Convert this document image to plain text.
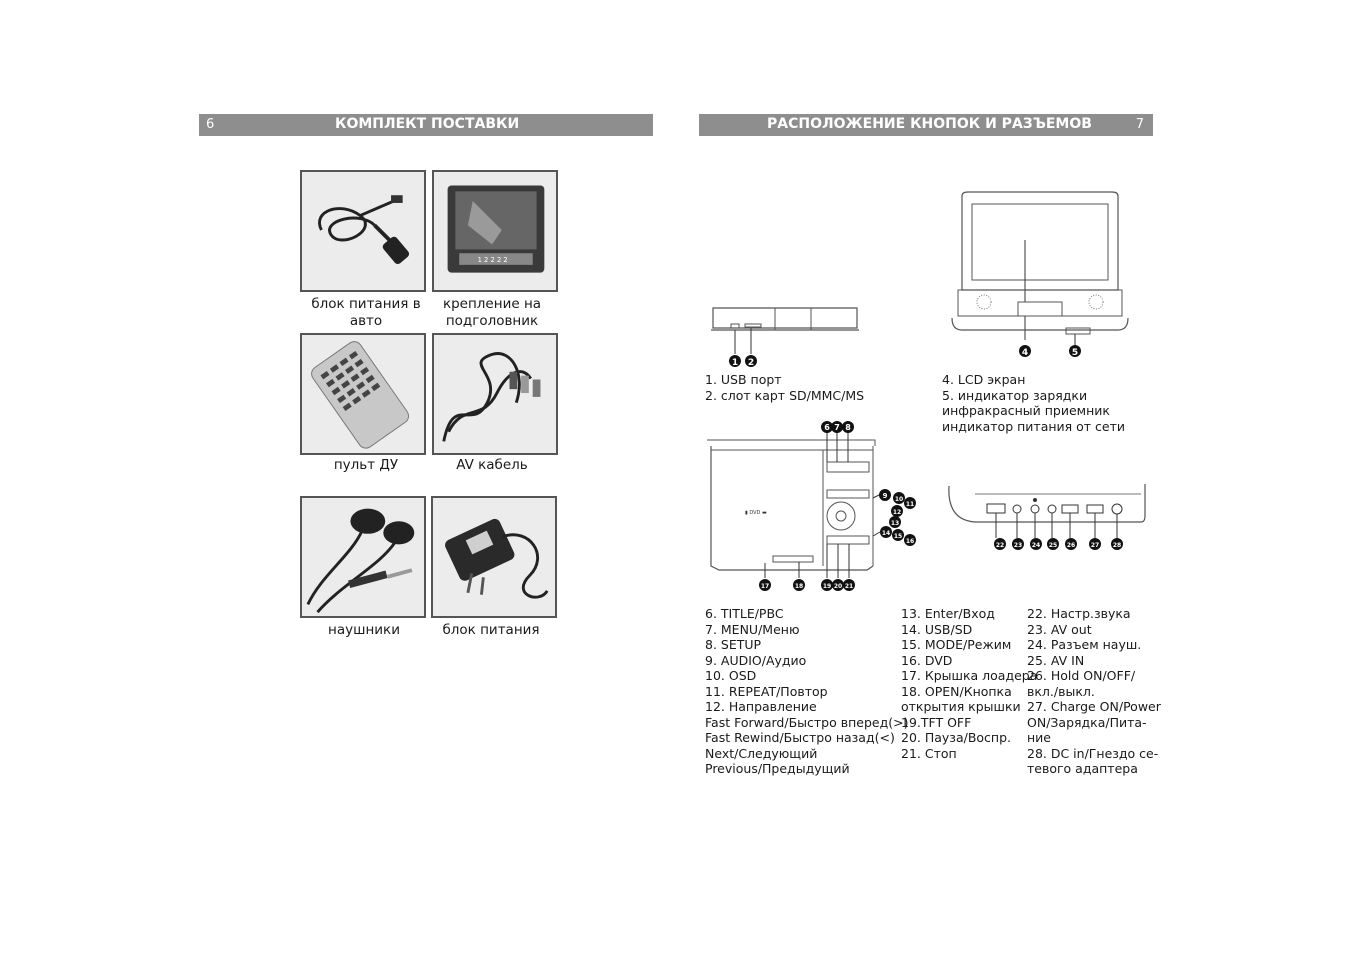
6	КОМПЛЕКТ ПОСТАВКИ
блок питания в авто
1 2 2 2 2
крепление на подголовник
пульт ДУ	AV кабель
наушники	блок питания
РАСПОЛОЖЕНИЕ КНОПОК И РАЗЪЕМОВ	7
1 2
1. USB порт
2. слот карт SD/MMC/MS
4	5
4. LCD экран
5. индикатор зарядки
инфракрасный приемник
индикатор питания от сети
▮ DVD ▬
6 7 8
9 10
11
12
13
14 15
16
17	18	19 20 21
22 23 24 25 26	27 28
6. TITLE/PBC
7. MENU/Меню
8. SETUP
9. AUDIO/Аудио
10. OSD
11. REPEAT/Повтор
12. Направление
Fast Forward/Быстро вперед(>)
Fast Rewind/Быстро назад(<)
Next/Следующий
Previous/Предыдущий
13. Enter/Вход
14. USB/SD
15. MODE/Режим
16. DVD
17. Крышка лоадера
18. OPEN/Кнопка
открытия крышки
19.TFT OFF
20. Пауза/Воспр.
21. Стоп
22. Настр.звука
23. AV out
24. Разъем науш.
25. AV IN
26. Hold ON/OFF/
вкл./выкл.
27. Charge ON/Power
ON/Зарядка/Пита-
ние
28. DC in/Гнездо се-
тевого адаптера
